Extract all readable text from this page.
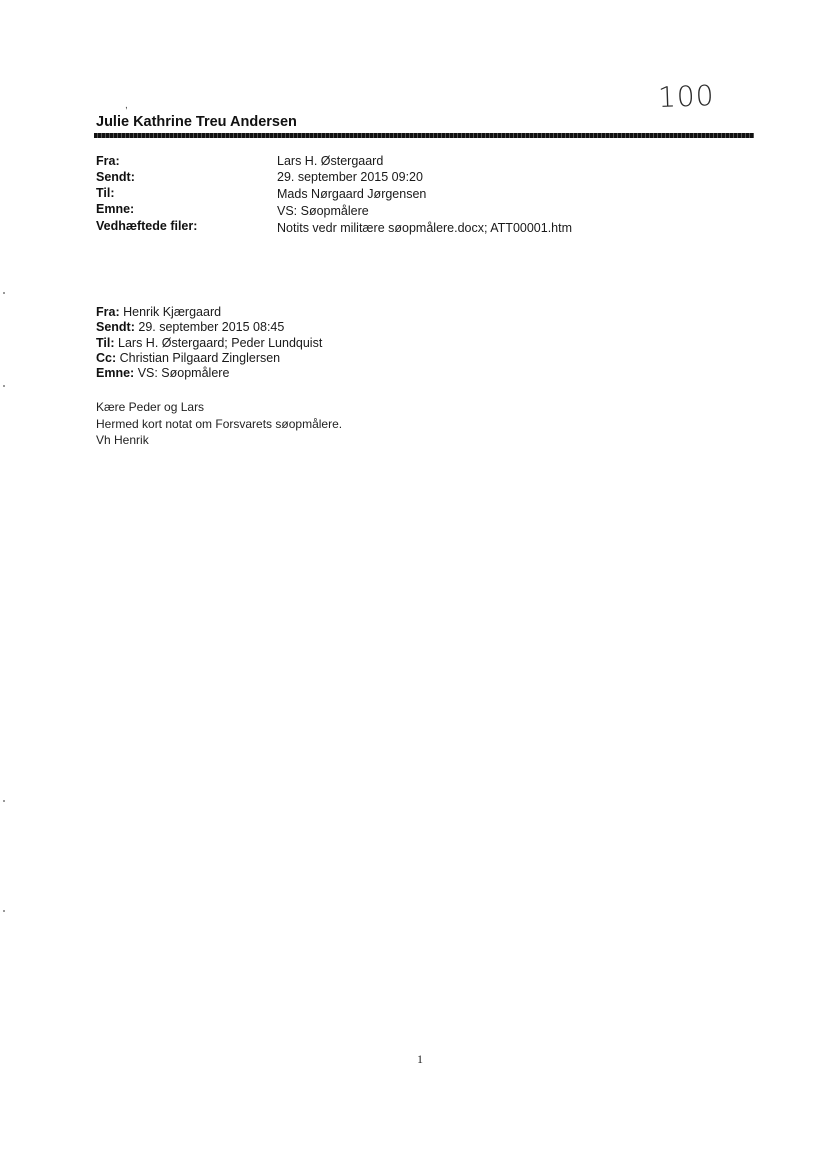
100
,
Julie Kathrine Treu Andersen
Fra:	Lars H. Østergaard
Sendt:	29. september 2015 09:20
Til:	Mads Nørgaard Jørgensen
Emne:	VS: Søopmålere
Vedhæftede filer:	Notits vedr militære søopmålere.docx; ATT00001.htm
Fra: Henrik Kjærgaard
Sendt: 29. september 2015 08:45
Til: Lars H. Østergaard; Peder Lundquist
Cc: Christian Pilgaard Zinglersen
Emne: VS: Søopmålere
Kære Peder og Lars
Hermed kort notat om Forsvarets søopmålere.
Vh Henrik
1
